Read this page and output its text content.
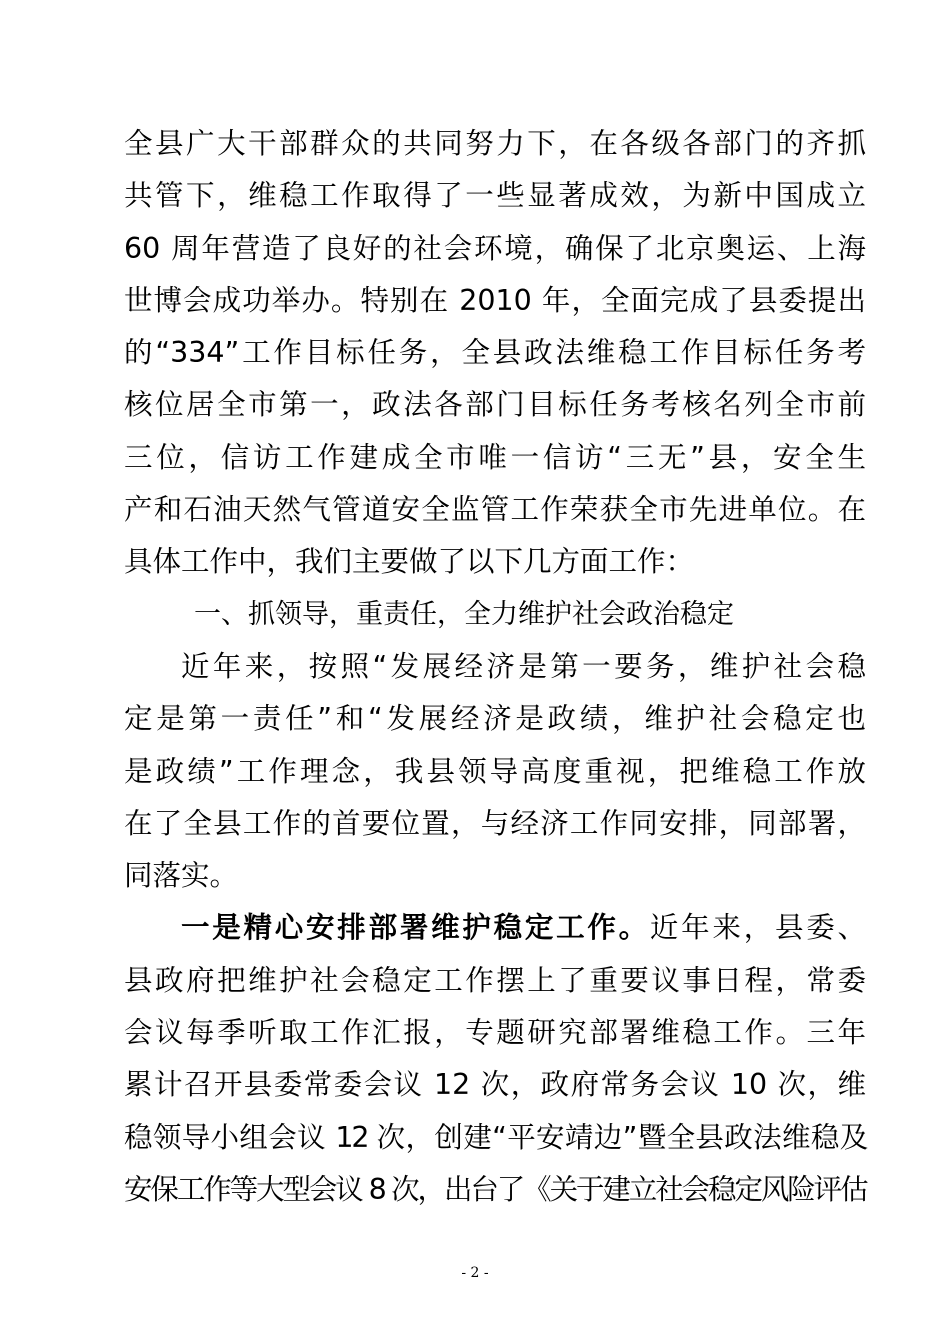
全县广大干部群众的共同努力下，在各级各部门的齐抓
共管下，维稳工作取得了一些显著成效，为新中国成立
60 周年营造了良好的社会环境，确保了北京奥运、上海
世博会成功举办。特别在 2010 年，全面完成了县委提出
的“334”工作目标任务，全县政法维稳工作目标任务考
核位居全市第一，政法各部门目标任务考核名列全市前
三位，信访工作建成全市唯一信访“三无”县，安全生
产和石油天然气管道安全监管工作荣获全市先进单位。在
具体工作中，我们主要做了以下几方面工作：
一、抓领导，重责任，全力维护社会政治稳定
近年来，按照“发展经济是第一要务，维护社会稳
定是第一责任”和“发展经济是政绩，维护社会稳定也
是政绩”工作理念，我县领导高度重视，把维稳工作放
在了全县工作的首要位置，与经济工作同安排，同部署，
同落实。
一是精心安排部署维护稳定工作。近年来，县委、
县政府把维护社会稳定工作摆上了重要议事日程，常委
会议每季听取工作汇报，专题研究部署维稳工作。三年
累计召开县委常委会议 12 次，政府常务会议 10 次，维
稳领导小组会议 12 次，创建“平安靖边”暨全县政法维稳及
安保工作等大型会议 8 次，出台了《关于建立社会稳定风险评估
- 2 -
